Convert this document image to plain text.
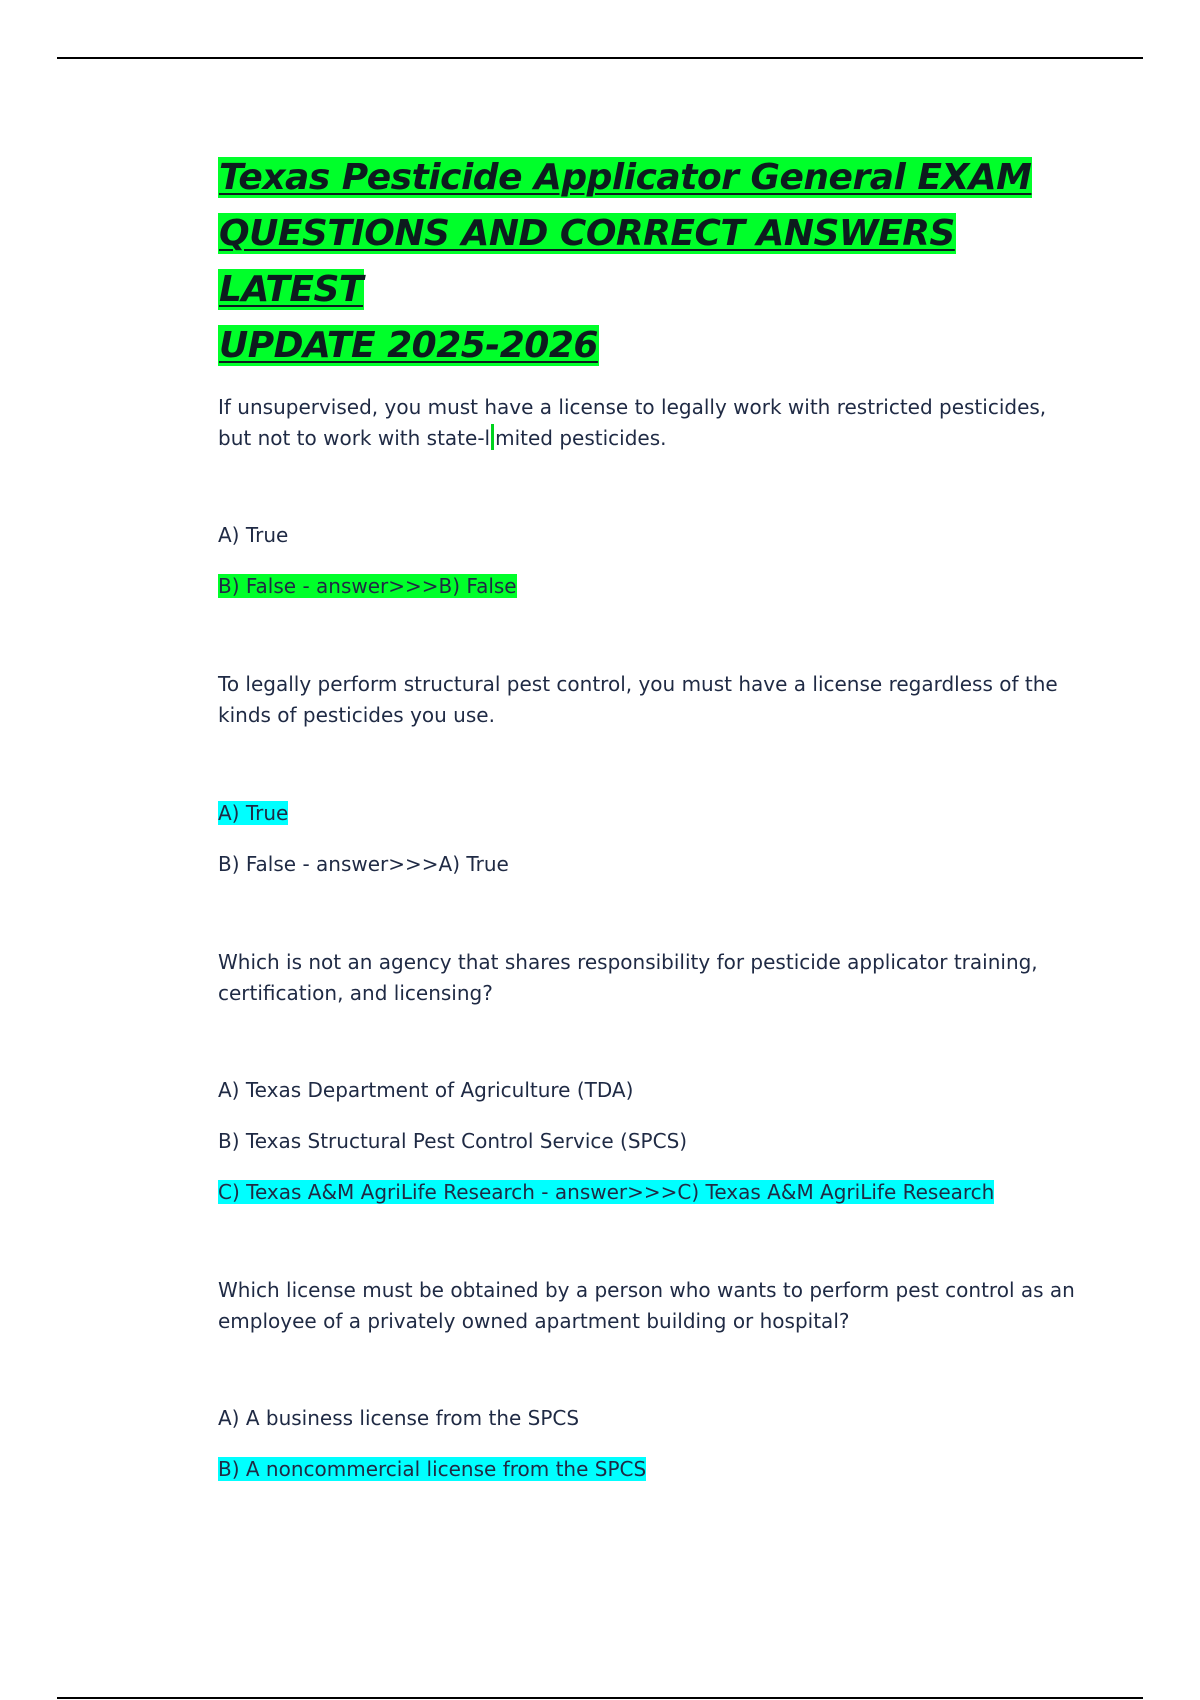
Texas Pesticide Applicator General EXAM
QUESTIONS AND CORRECT ANSWERS LATEST
UPDATE 2025-2026

If unsupervised, you must have a license to legally work with restricted pesticides, but not to work with state-l mited pesticides.

A) True

B) False - answer>>>B) False

To legally perform structural pest control, you must have a license regardless of the kinds of pesticides you use.

A) True

B) False - answer>>>A) True

Which is not an agency that shares responsibility for pesticide applicator training, certification, and licensing?

A) Texas Department of Agriculture (TDA)

B) Texas Structural Pest Control Service (SPCS)

C) Texas A&M AgriLife Research - answer>>>C) Texas A&M AgriLife Research

Which license must be obtained by a person who wants to perform pest control as an employee of a privately owned apartment building or hospital?

A) A business license from the SPCS

B) A noncommercial license from the SPCS
